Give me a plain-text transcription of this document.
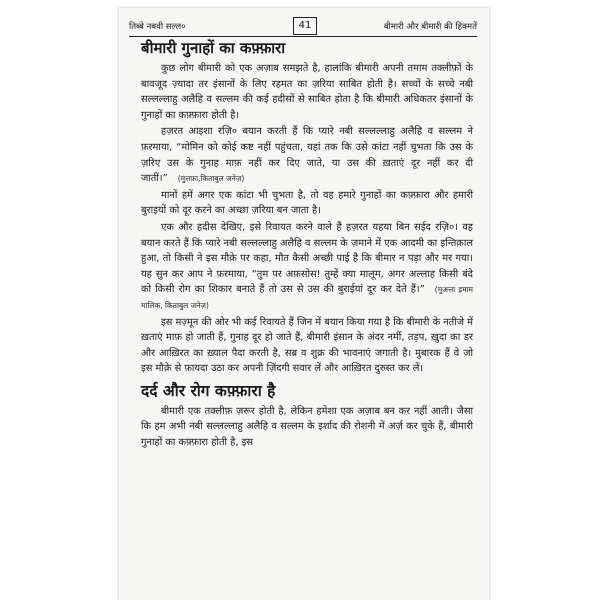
तिब्बे नबवी सल्ल०	41	बीमारी और बीमारी की हिक्मतें
बीमारी गुनाहों का कफ़्फ़ारा

कुछ लोग बीमारी को एक अज़ाब समझते है, हालांकि बीमारी अपनी तमाम तक्लीफ़ों के बावजूद ज़्यादा तर इंसानों के लिए रहमत का ज़रिया साबित होती है। सच्चों के सच्चे नबी सल्लल्लाहु अलैहि व सल्लम की कई हदीसों से साबित होता है कि बीमारी अधिकतर इंसानों के गुनाहों का कफ़्फ़ारा होती है।

हज़रत आइशा रज़ि० बयान करती हैं कि प्यारे नबी सल्लल्लाहु अलैहि व सल्लम ने फ़रमाया, “मोमिन को कोई कष्ट नहीं पहुंचता, यहां तक कि उसे कांटा नहीं चुभता कि उस के ज़रिए उस के गुनाह माफ़ नहीं कर दिए जाते, या उस की ख़ताएं दूर नहीं कर दी जातीं।” (मुत्तफ़ा,किताबुल जनेज़)

मानों हमें अगर एक कांटा भी चुभता है, तो वह हमारे गुनाहों का कफ़्फ़ारा और हमारी बुराइयों को दूर करने का अच्छा ज़रिया बन जाता है।

एक और हदीस देखिए, इसे रिवायत करने वाले हैं हज़रत यहया बिन सईद रज़ि०। वह बयान करते हैं कि प्यारे नबी सल्लल्लाहु अलैहि व सल्लम के ज़माने में एक आदमी का इन्तिक़ाल हुआ, तो किसी ने इस मौक़े पर कहा, मौत कैसी अच्छी पाई है कि बीमार न पड़ा और मर गया। यह सुन कर आप ने फ़रमाया, “तुम पर अफ़सोस! तुम्हें क्या मालूम, अगर अल्लाह किसी बंदे को किसी रोग का शिकार बनाते हैं तो उस से उस की बुराईयां दूर कर देते हैं।” (मुअत्ता इमाम मालिक, किताबुल जनेज़)

इस मज़्मून की ओर भी कई रिवायते हैं जिन में बयान किया गया है कि बीमारी के नतीजे में ख़ताएं माफ़ हो जाती हैं, गुनाह दूर हो जाते हैं, बीमारी इंसान के अंदर नर्मी, तड़प, ख़ुदा का डर और आख़िरत का ख़्याल पैदा करती है, सब्र व शुक्र की भावनाएं जगाती है। मुबारक हैं वे जो इस मौक़े से फ़ायदा उठा कर अपनी ज़िंदगी सवार लें और आख़िरत दुरुस्त कर लें।

दर्द और रोग कफ़्फ़ारा है

बीमारी एक तक्लीफ़ ज़रूर होती है, लेकिन हमेशा एक अज़ाब बन कर नहीं आती। जैसा कि हम अभी नबी सल्लल्लाहु अलैहि व सल्लम के इर्शाद की रोशनी में अर्ज़ कर चुके हैं, बीमारी गुनाहों का कफ़्फ़ारा होती है, इस
